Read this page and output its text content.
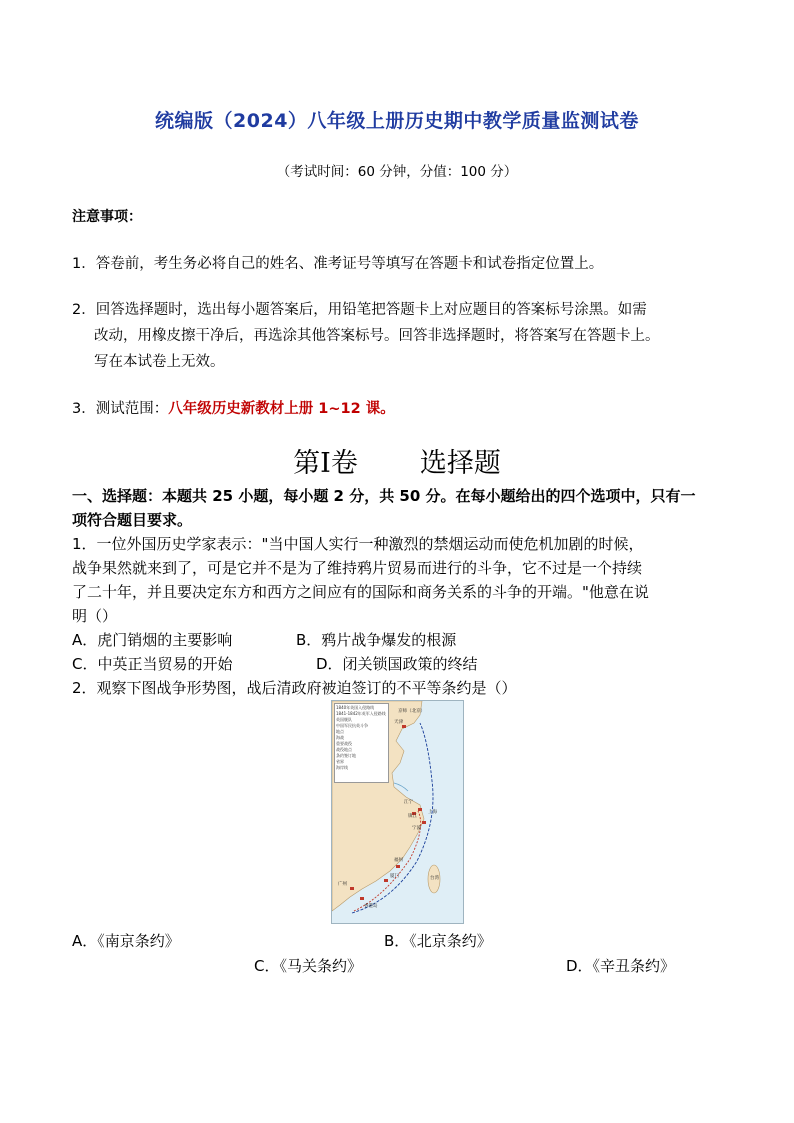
统编版（2024）八年级上册历史期中教学质量监测试卷
（考试时间：60 分钟，分值：100 分）
注意事项：
1．答卷前，考生务必将自己的姓名、准考证号等填写在答题卡和试卷指定位置上。
2．回答选择题时，选出每小题答案后，用铅笔把答题卡上对应题目的答案标号涂黑。如需
改动，用橡皮擦干净后，再选涂其他答案标号。回答非选择题时，将答案写在答题卡上。
写在本试卷上无效。
3．测试范围：八年级历史新教材上册 1~12 课。
第Ⅰ卷 选择题
一、选择题：本题共 25 小题，每小题 2 分，共 50 分。在每小题给出的四个选项中，只有一
项符合题目要求。
1．一位外国历史学家表示："当中国人实行一种激烈的禁烟运动而使危机加剧的时候，
战争果然就来到了，可是它并不是为了维持鸦片贸易而进行的斗争，它不过是一个持续
了二十年，并且要决定东方和西方之间应有的国际和商务关系的斗争的开端。"他意在说
明（）
A．虎门销烟的主要影响	B．鸦片战争爆发的根源
C．中英正当贸易的开始	D．闭关锁国政策的终结
2．观察下图战争形势图，战后清政府被迫签订的不平等条约是（）
京师（北京）
天津
江宁
镇江
上海
宁波
福州
厦门	台湾
广州
香港岛
1840年英国入侵路线
1841-1842年英军入侵路线
英国舰队
中国军民抗英斗争
地点
海战
重要战役
战役地点
条约签订地
省界
海岸线
A．《南京条约》	B．《北京条约》
C．《马关条约》	D．《辛丑条约》
